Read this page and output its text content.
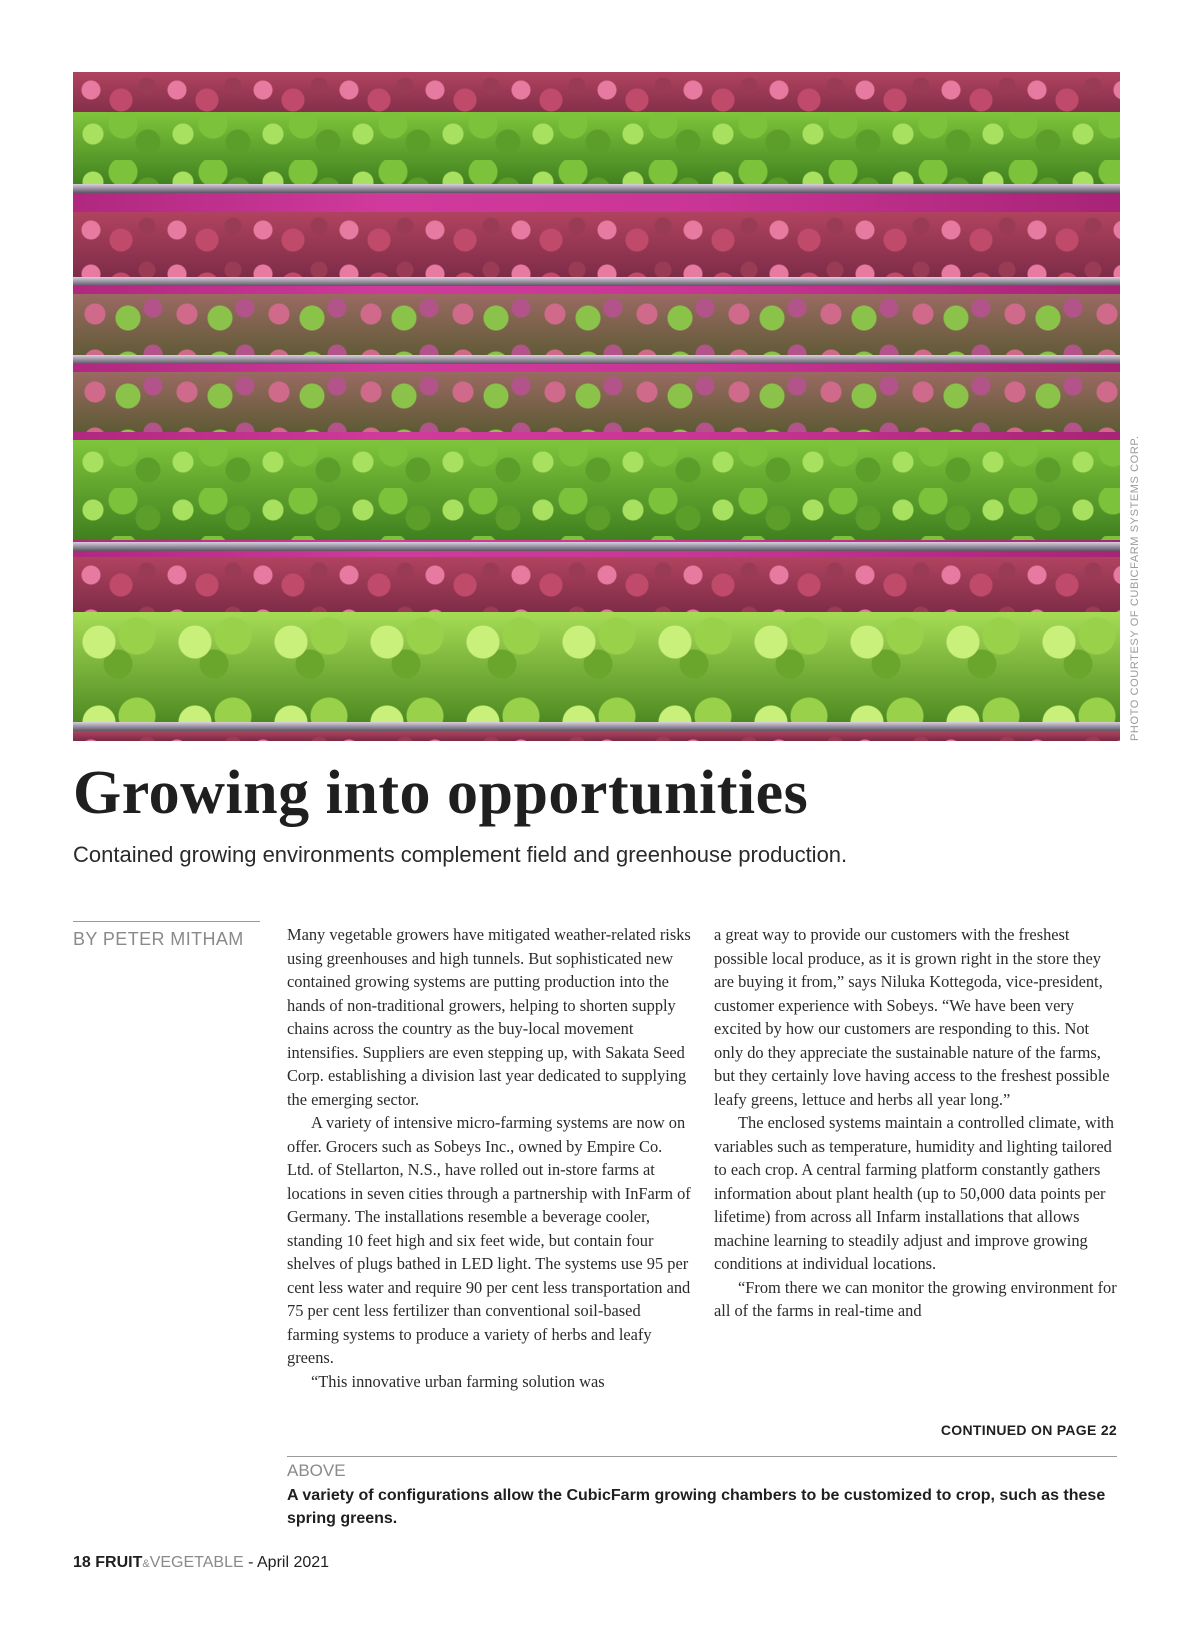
PHOTO COURTESY OF CUBICFARM SYSTEMS CORP.
Growing into opportunities

Contained growing environments complement field and greenhouse production.

BY PETER MITHAM	Many vegetable growers have mitigated weather-related risks using greenhouses and high tunnels. But sophisticated new contained growing systems are putting production into the hands of non-traditional growers, helping to shorten supply chains across the country as the buy-local movement intensifies. Suppliers are even stepping up, with Sakata Seed Corp. establishing a division last year dedicated to supplying the emerging sector.

A variety of intensive micro-farming systems are now on offer. Grocers such as Sobeys Inc., owned by Empire Co. Ltd. of Stellarton, N.S., have rolled out in-store farms at locations in seven cities through a partnership with InFarm of Germany. The installations resemble a beverage cooler, standing 10 feet high and six feet wide, but contain four shelves of plugs bathed in LED light. The systems use 95 per cent less water and require 90 per cent less transportation and 75 per cent less fertilizer than conventional soil-based farming systems to produce a variety of herbs and leafy greens.

“This innovative urban farming solution was

a great way to provide our customers with the freshest possible local produce, as it is grown right in the store they are buying it from,” says Niluka Kottegoda, vice-president, customer experience with Sobeys. “We have been very excited by how our customers are responding to this. Not only do they appreciate the sustainable nature of the farms, but they certainly love having access to the freshest possible leafy greens, lettuce and herbs all year long.”

The enclosed systems maintain a controlled climate, with variables such as temperature, humidity and lighting tailored to each crop. A central farming platform constantly gathers information about plant health (up to 50,000 data points per lifetime) from across all Infarm installations that allows machine learning to steadily adjust and improve growing conditions at individual locations.

“From there we can monitor the growing environment for all of the farms in real-time and

CONTINUED ON PAGE 22
ABOVE

A variety of configurations allow the CubicFarm growing chambers to be customized to crop, such as these spring greens.

18 FRUIT&VEGETABLE - April 2021
